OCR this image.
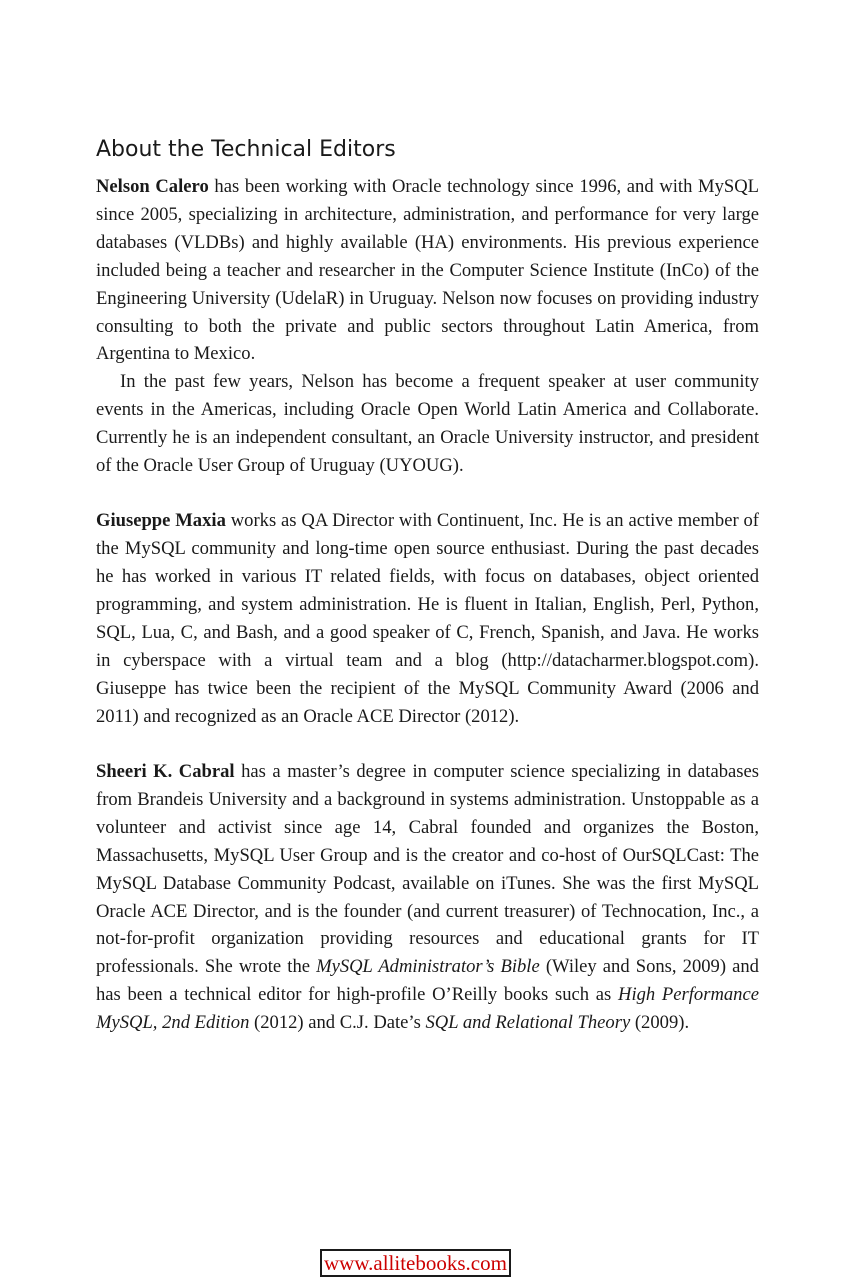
About the Technical Editors

Nelson Calero has been working with Oracle technology since 1996, and with MySQL since 2005, specializing in architecture, administration, and performance for very large databases (VLDBs) and highly available (HA) environments. His previous experience included being a teacher and researcher in the Computer Science Institute (InCo) of the Engineering University (UdelaR) in Uruguay. Nelson now focuses on providing industry consulting to both the private and public sectors throughout Latin America, from Argentina to Mexico.

In the past few years, Nelson has become a frequent speaker at user community events in the Americas, including Oracle Open World Latin America and Collaborate. Currently he is an independent consultant, an Oracle University instructor, and president of the Oracle User Group of Uruguay (UYOUG).

Giuseppe Maxia works as QA Director with Continuent, Inc. He is an active member of the MySQL community and long-time open source enthusiast. During the past decades he has worked in various IT related fields, with focus on databases, object oriented programming, and system administration. He is fluent in Italian, English, Perl, Python, SQL, Lua, C, and Bash, and a good speaker of C, French, Spanish, and Java. He works in cyberspace with a virtual team and a blog (http://datacharmer.blogspot.com). Giuseppe has twice been the recipient of the MySQL Community Award (2006 and 2011) and recognized as an Oracle ACE Director (2012).

Sheeri K. Cabral has a master’s degree in computer science specializing in databases from Brandeis University and a background in systems administration. Unstoppable as a volunteer and activist since age 14, Cabral founded and organizes the Boston, Massachusetts, MySQL User Group and is the creator and co-host of OurSQLCast: The MySQL Database Community Podcast, available on iTunes. She was the first MySQL Oracle ACE Director, and is the founder (and current treasurer) of Technocation, Inc., a not-for-profit organization providing resources and educational grants for IT professionals. She wrote the MySQL Administrator’s Bible (Wiley and Sons, 2009) and has been a technical editor for high-profile O’Reilly books such as High Performance MySQL, 2nd Edition (2012) and C.J. Date’s SQL and Relational Theory (2009).

www.allitebooks.com
